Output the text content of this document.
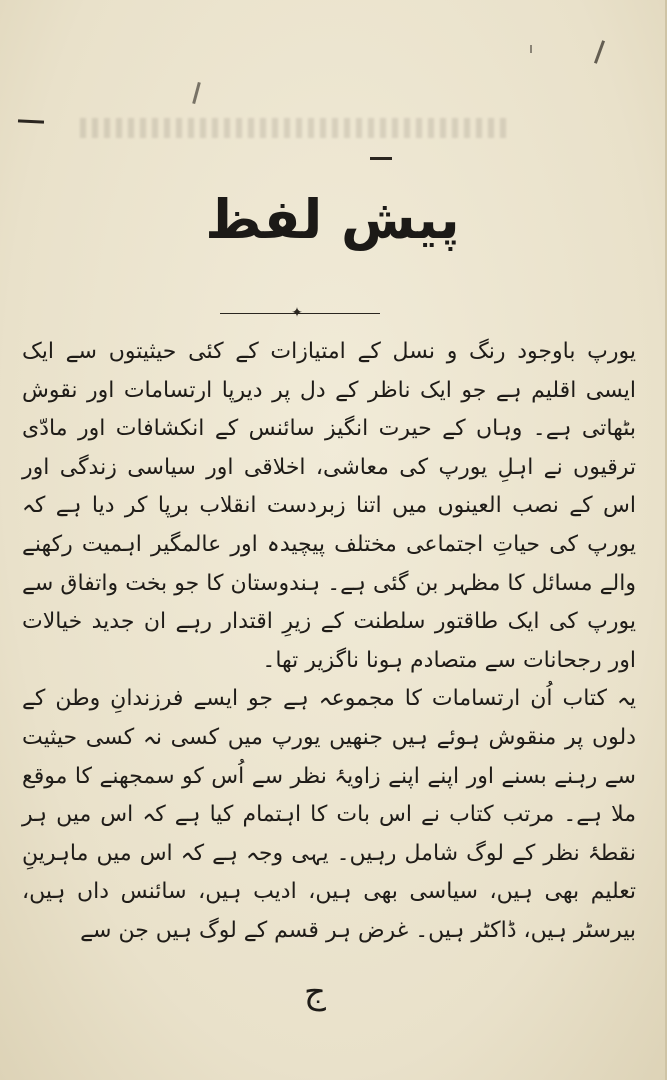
پیش لفظ
✦

یورپ باوجود رنگ و نسل کے امتیازات کے کئی حیثیتوں سے ایک ایسی اقلیم ہے جو ایک ناظر کے دل پر دیرپا ارتسامات اور نقوش بٹھاتی ہے۔ وہاں کے حیرت انگیز سائنس کے انکشافات اور مادّی ترقیوں نے اہلِ یورپ کی معاشی، اخلاقی اور سیاسی زندگی اور اس کے نصب العینوں میں اتنا زبردست انقلاب برپا کر دیا ہے کہ یورپ کی حیاتِ اجتماعی مختلف پیچیدہ اور عالمگیر اہمیت رکھنے والے مسائل کا مظہر بن گئی ہے۔ ہندوستان کا جو بخت واتفاق سے یورپ کی ایک طاقتور سلطنت کے زیرِ اقتدار رہے ان جدید خیالات اور رجحانات سے متصادم ہونا ناگزیر تھا۔

یہ کتاب اُن ارتسامات کا مجموعہ ہے جو ایسے فرزندانِ وطن کے دلوں پر منقوش ہوئے ہیں جنھیں یورپ میں کسی نہ کسی حیثیت سے رہنے بسنے اور اپنے اپنے زاویۂ نظر سے اُس کو سمجھنے کا موقع ملا ہے۔ مرتب کتاب نے اس بات کا اہتمام کیا ہے کہ اس میں ہر نقطۂ نظر کے لوگ شامل رہیں۔ یہی وجہ ہے کہ اس میں ماہرینِ تعلیم بھی ہیں، سیاسی بھی ہیں، ادیب ہیں، سائنس داں ہیں، بیرسٹر ہیں، ڈاکٹر ہیں۔ غرض ہر قسم کے لوگ ہیں جن سے

ج
